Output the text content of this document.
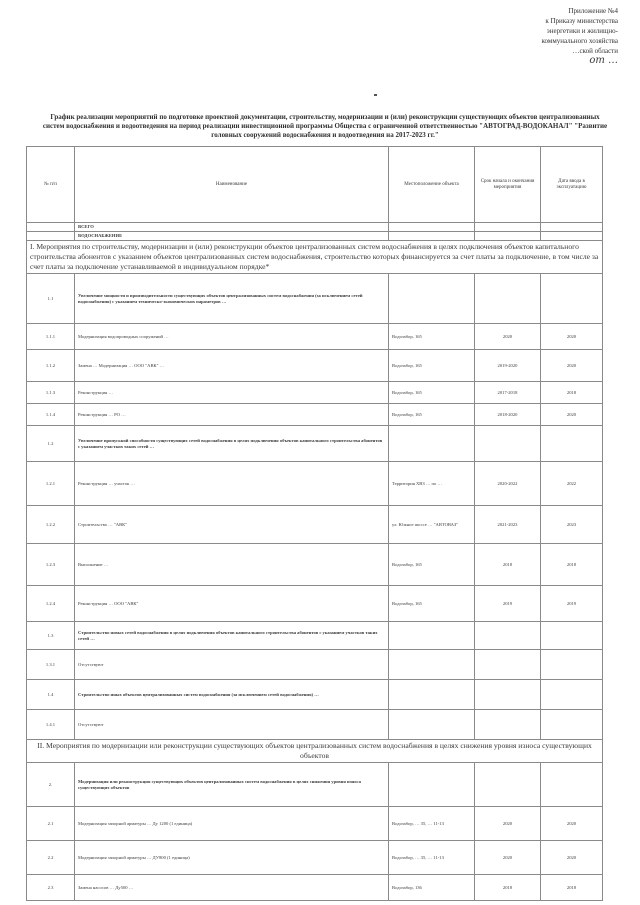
Приложение №4
к Приказу министерства
энергетики и жилищно-
коммунального хозяйства
…ской области
от …
График реализации мероприятий по подготовке проектной документации, строительству, модернизации и (или) реконструкции существующих объектов централизованных систем водоснабжения и водоотведения на период реализации инвестиционной программы Общества с ограниченной ответственностью "АВТОГРАД-ВОДОКАНАЛ" "Развитие головных сооружений водоснабжения и водоотведения на 2017-2023 гг."
№ п/п	Наименование	Местоположение объекта	Срок начала и окончания мероприятия	Дата ввода в эксплуатацию
	ВСЕГО			
	ВОДОСНАБЖЕНИЕ			
I. Мероприятия по строительству, модернизации и (или) реконструкции объектов централизованных систем водоснабжения в целях подключения объектов капитального строительства абонентов с указанием объектов централизованных систем водоснабжения, строительство которых финансируется за счет платы за подключение, в том числе за счет платы за подключение устанавливаемой в индивидуальном порядке*				
1.1	Увеличение мощности и производительности существующих объектов централизованных систем водоснабжения (за исключением сетей водоснабжения) с указанием техническо-экономических параметров …			
1.1.1	Модернизация водопроводных сооружений …	Водозабор, 165	2020	2020
1.1.2	Замена … Модернизация … ООО "АВК" …	Водозабор, 165	2019-2020	2020
1.1.3	Реконструкция …	Водозабор, 165	2017-2018	2018
1.1.4	Реконструкция … РО …	Водозабор, 165	2018-2020	2020
1.2	Увеличение пропускной способности существующих сетей водоснабжения в целях подключения объектов капитального строительства абонентов с указанием участков таких сетей …			
1.2.1	Реконструкция … участок …	Территория ХВЗ … по …	2020-2022	2022
1.2.2	Строительство … "АВК"	ул. Южное шоссе … "АВТОВАЗ"	2021-2023	2023
1.2.3	Выполнение …	Водозабор, 165	2018	2018
1.2.4	Реконструкция … ООО "АВК"	Водозабор, 165	2019	2019
1.3	Строительство новых сетей водоснабжения в целях подключения объектов капитального строительства абонентов с указанием участков таких сетей …			
1.3.1	Отсутствуют			
1.4	Строительство иных объектов централизованных систем водоснабжения (за исключением сетей водоснабжения) …			
1.4.1	Отсутствуют			
II. Мероприятия по модернизации или реконструкции существующих объектов централизованных систем водоснабжения в целях снижения уровня износа существующих объектов				
2.	Модернизация или реконструкция существующих объектов централизованных систем водоснабжения в целях снижения уровня износа существующих объектов			
2.1	Модернизация запорной арматуры … Ду 1200 (1 единица)	Водозабор, … 35, … 11-13	2020	2020
2.2	Модернизация запорной арматуры … ДУ800 (1 единица)	Водозабор, … 35, … 11-13	2020	2020
2.3	Замена насосов … Ду500 …	Водозабор, 136	2018	2018
